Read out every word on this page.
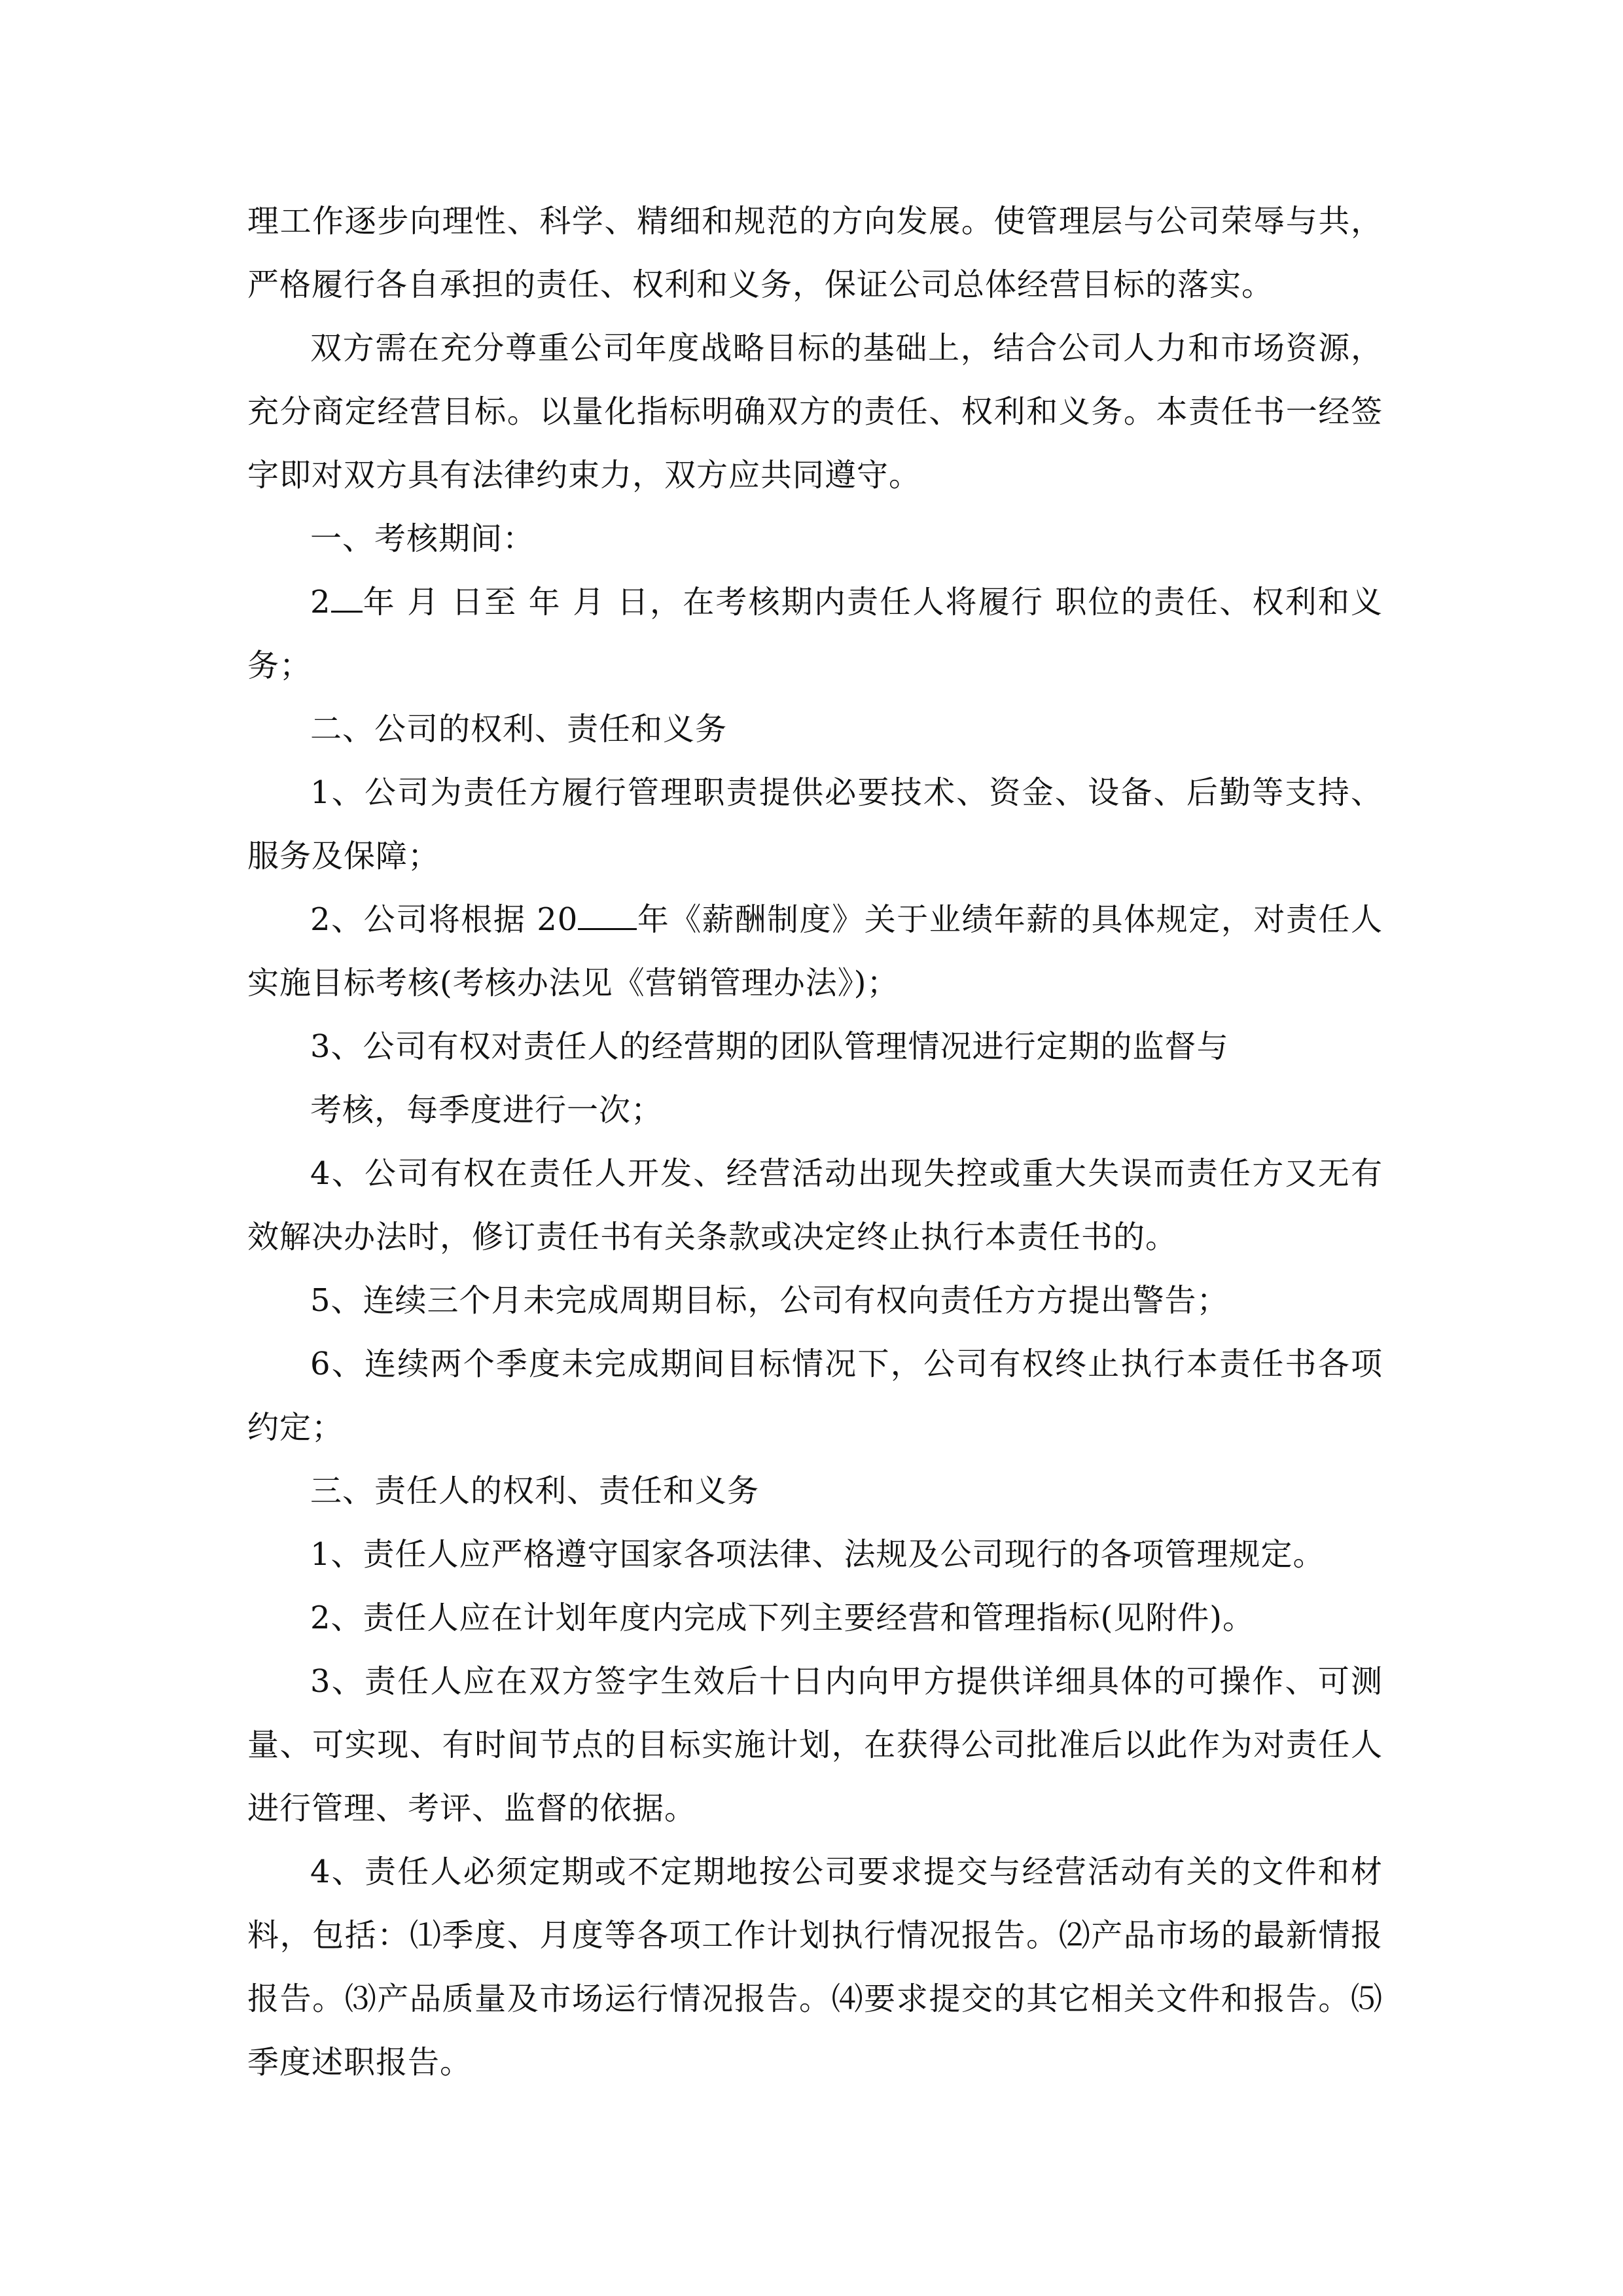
理工作逐步向理性、科学、精细和规范的方向发展。使管理层与公司荣辱与共，严格履行各自承担的责任、权利和义务，保证公司总体经营目标的落实。

双方需在充分尊重公司年度战略目标的基础上，结合公司人力和市场资源，充分商定经营目标。以量化指标明确双方的责任、权利和义务。本责任书一经签字即对双方具有法律约束力，双方应共同遵守。

一、考核期间：

2 年 月 日至 年 月 日，在考核期内责任人将履行 职位的责任、权利和义务；

二、公司的权利、责任和义务

1、公司为责任方履行管理职责提供必要技术、资金、设备、后勤等支持、服务及保障；

2、公司将根据 20 年《薪酬制度》关于业绩年薪的具体规定，对责任人实施目标考核(考核办法见《营销管理办法》)；

3、公司有权对责任人的经营期的团队管理情况进行定期的监督与

考核，每季度进行一次；

4、公司有权在责任人开发、经营活动出现失控或重大失误而责任方又无有效解决办法时，修订责任书有关条款或决定终止执行本责任书的。

5、连续三个月未完成周期目标，公司有权向责任方方提出警告；

6、连续两个季度未完成期间目标情况下，公司有权终止执行本责任书各项约定；

三、责任人的权利、责任和义务

1、责任人应严格遵守国家各项法律、法规及公司现行的各项管理规定。

2、责任人应在计划年度内完成下列主要经营和管理指标(见附件)。

3、责任人应在双方签字生效后十日内向甲方提供详细具体的可操作、可测量、可实现、有时间节点的目标实施计划，在获得公司批准后以此作为对责任人进行管理、考评、监督的依据。

4、责任人必须定期或不定期地按公司要求提交与经营活动有关的文件和材料，包括：⑴季度、月度等各项工作计划执行情况报告。⑵产品市场的最新情报报告。⑶产品质量及市场运行情况报告。⑷要求提交的其它相关文件和报告。⑸季度述职报告。
